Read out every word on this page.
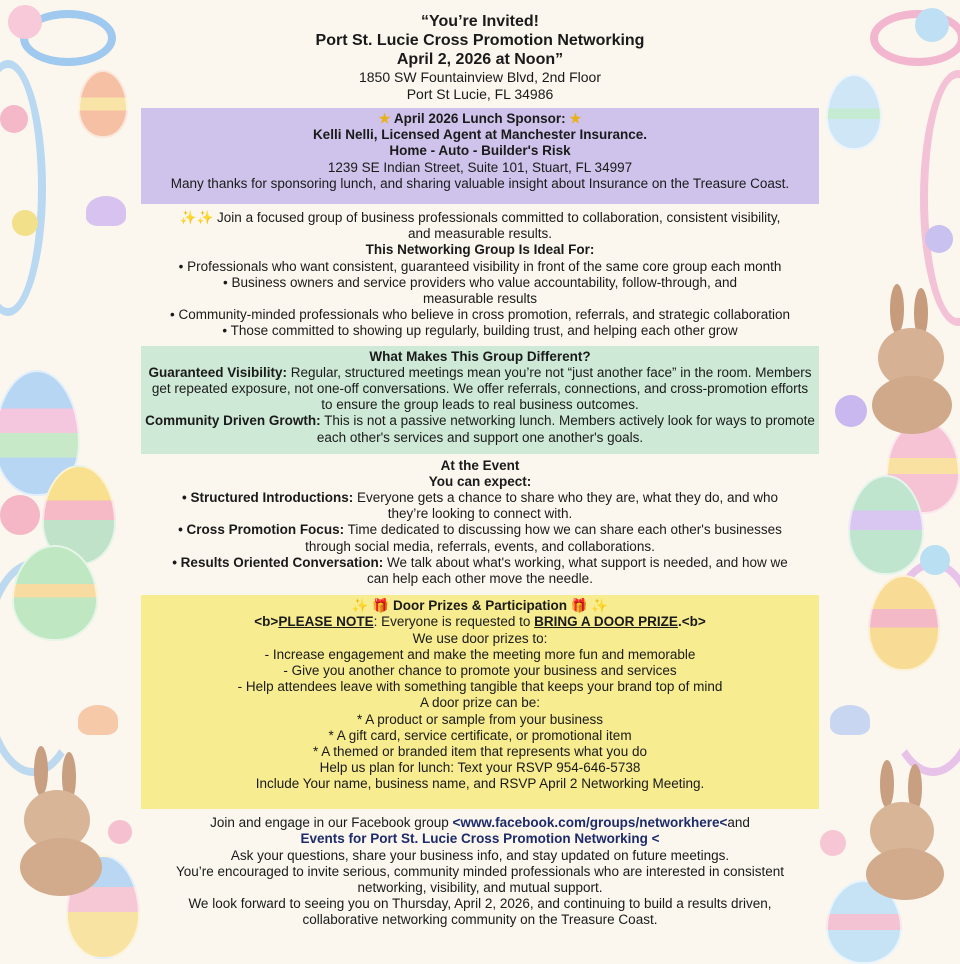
“You’re Invited!
Port St. Lucie Cross Promotion Networking
April 2, 2026 at Noon”
1850 SW Fountainview Blvd, 2nd Floor
Port St Lucie, FL 34986
★ April 2026 Lunch Sponsor: ★
Kelli Nelli, Licensed Agent at Manchester Insurance.
Home - Auto - Builder's Risk
1239 SE Indian Street, Suite 101, Stuart, FL 34997
Many thanks for sponsoring lunch, and sharing valuable insight about Insurance on the Treasure Coast.
✨✨ Join a focused group of business professionals committed to collaboration, consistent visibility, and measurable results.
This Networking Group Is Ideal For:
• Professionals who want consistent, guaranteed visibility in front of the same core group each month
• Business owners and service providers who value accountability, follow-through, and measurable results
• Community-minded professionals who believe in cross promotion, referrals, and strategic collaboration
• Those committed to showing up regularly, building trust, and helping each other grow
What Makes This Group Different?
Guaranteed Visibility: Regular, structured meetings mean you’re not “just another face” in the room. Members get repeated exposure, not one-off conversations. We offer referrals, connections, and cross-promotion efforts to ensure the group leads to real business outcomes.
Community Driven Growth: This is not a passive networking lunch. Members actively look for ways to promote each other's services and support one another's goals.
At the Event
You can expect:
• Structured Introductions: Everyone gets a chance to share who they are, what they do, and who they’re looking to connect with.
• Cross Promotion Focus: Time dedicated to discussing how we can share each other's businesses through social media, referrals, events, and collaborations.
• Results Oriented Conversation: We talk about what's working, what support is needed, and how we can help each other move the needle.
✨ 🎁 Door Prizes & Participation 🎁 ✨
<b>PLEASE NOTE: Everyone is requested to BRING A DOOR PRIZE.<b>
We use door prizes to:
- Increase engagement and make the meeting more fun and memorable
- Give you another chance to promote your business and services
- Help attendees leave with something tangible that keeps your brand top of mind
A door prize can be:
* A product or sample from your business
* A gift card, service certificate, or promotional item
* A themed or branded item that represents what you do
Help us plan for lunch: Text your RSVP 954-646-5738
Include Your name, business name, and RSVP April 2 Networking Meeting.
Join and engage in our Facebook group <www.facebook.com/groups/networkhere<and
Events for Port St. Lucie Cross Promotion Networking <
Ask your questions, share your business info, and stay updated on future meetings.
You’re encouraged to invite serious, community minded professionals who are interested in consistent networking, visibility, and mutual support.
We look forward to seeing you on Thursday, April 2, 2026, and continuing to build a results driven, collaborative networking community on the Treasure Coast.
